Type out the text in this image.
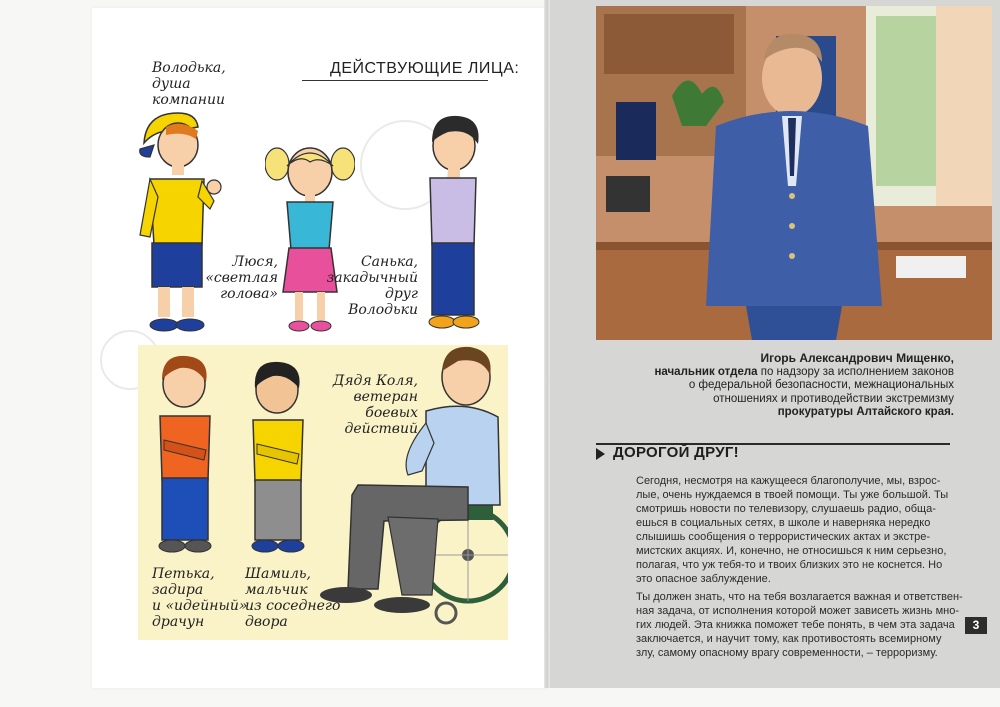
ДЕЙСТВУЮЩИЕ ЛИЦА:
Володька,
душа
компании
Люся,
«светлая
голова»
Санька,
закадычный
друг
Володьки
Петька,
задира
и «идейный»
драчун
Шамиль,
мальчик
из соседнего
двора
Дядя Коля,
ветеран
боевых
действий
Игорь Александрович Мищенко,
начальник отдела по надзору за исполнением законов
о федеральной безопасности, межнациональных
отношениях и противодействии экстремизму
прокуратуры Алтайского края.
ДОРОГОЙ ДРУГ!
Сегодня, несмотря на кажущееся благополучие, мы, взрос-
лые, очень нуждаемся в твоей помощи. Ты уже большой. Ты
смотришь новости по телевизору, слушаешь радио, обща-
ешься в социальных сетях, в школе и наверняка нередко
слышишь сообщения о террористических актах и экстре-
мистских акциях. И, конечно, не относишься к ним серьезно,
полагая, что уж тебя-то и твоих близких это не коснется. Но
это опасное заблуждение.
Ты должен знать, что на тебя возлагается важная и ответствен-
ная задача, от исполнения которой может зависеть жизнь мно-
гих людей. Эта книжка поможет тебе понять, в чем эта задача
заключается, и научит тому, как противостоять всемирному
злу, самому опасному врагу современности, – терроризму.
3
